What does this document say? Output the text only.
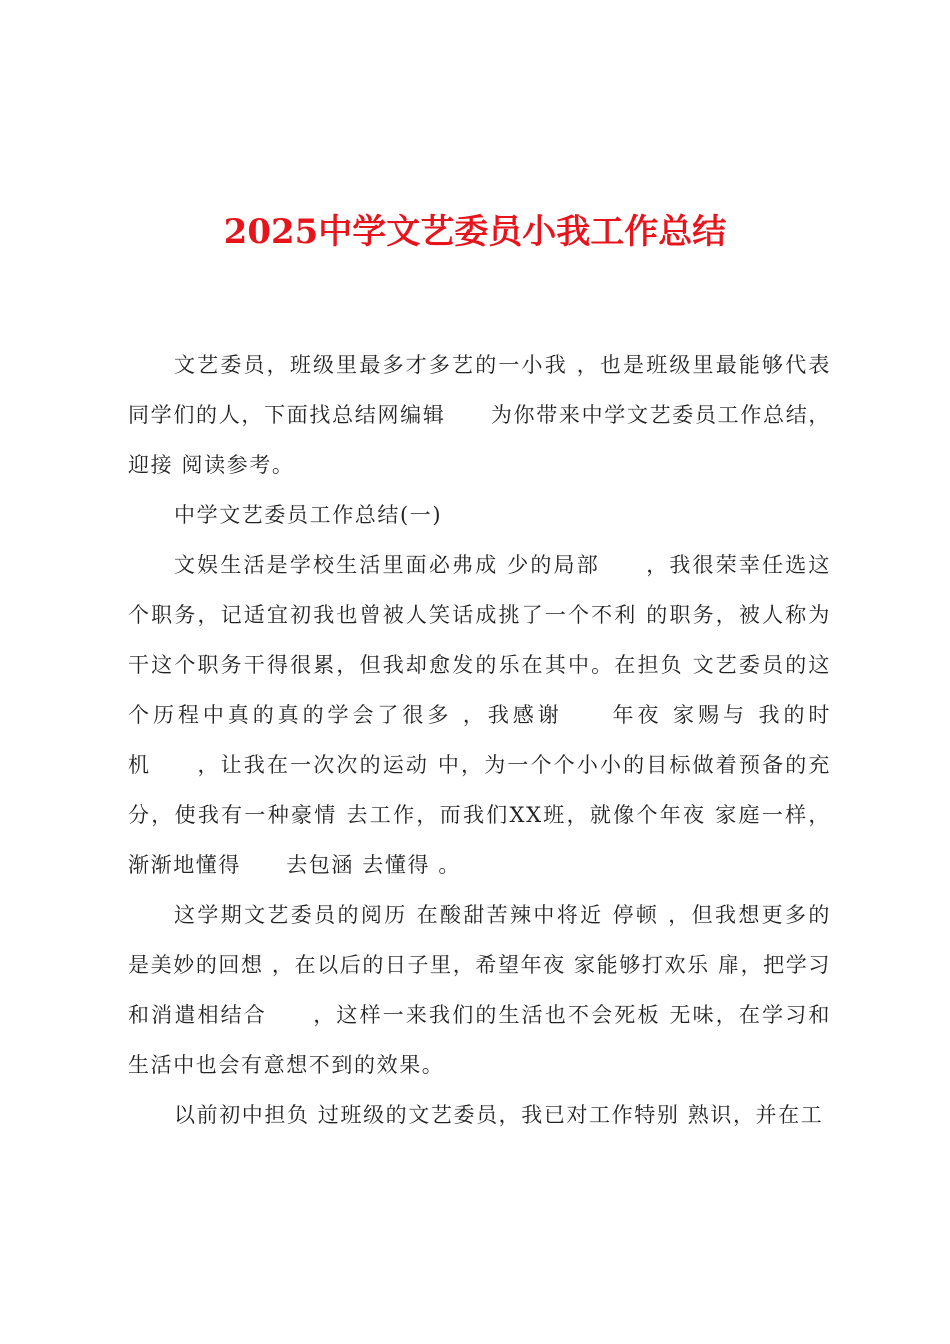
2025中学文艺委员小我工作总结

文艺委员，班级里最多才多艺的一小我 ，也是班级里最能够代表同学们的人，下面找总结网编辑　　为你带来中学文艺委员工作总结，迎接 阅读参考。

中学文艺委员工作总结(一)

文娱生活是学校生活里面必弗成 少的局部　　，我很荣幸任选这个职务，记适宜初我也曾被人笑话成挑了一个不利 的职务，被人称为干这个职务干得很累，但我却愈发的乐在其中。在担负 文艺委员的这个历程中真的真的学会了很多 ，我感谢　　年夜 家赐与 我的时机　　，让我在一次次的运动 中，为一个个小小的目标做着预备的充分，使我有一种豪情 去工作，而我们XX班，就像个年夜 家庭一样，渐渐地懂得　　去包涵 去懂得 。

这学期文艺委员的阅历 在酸甜苦辣中将近 停顿 ，但我想更多的是美妙的回想 ，在以后的日子里，希望年夜 家能够打欢乐 扉，把学习和消遣相结合　　，这样一来我们的生活也不会死板 无味，在学习和生活中也会有意想不到的效果。

以前初中担负 过班级的文艺委员，我已对工作特别 熟识，并在工
